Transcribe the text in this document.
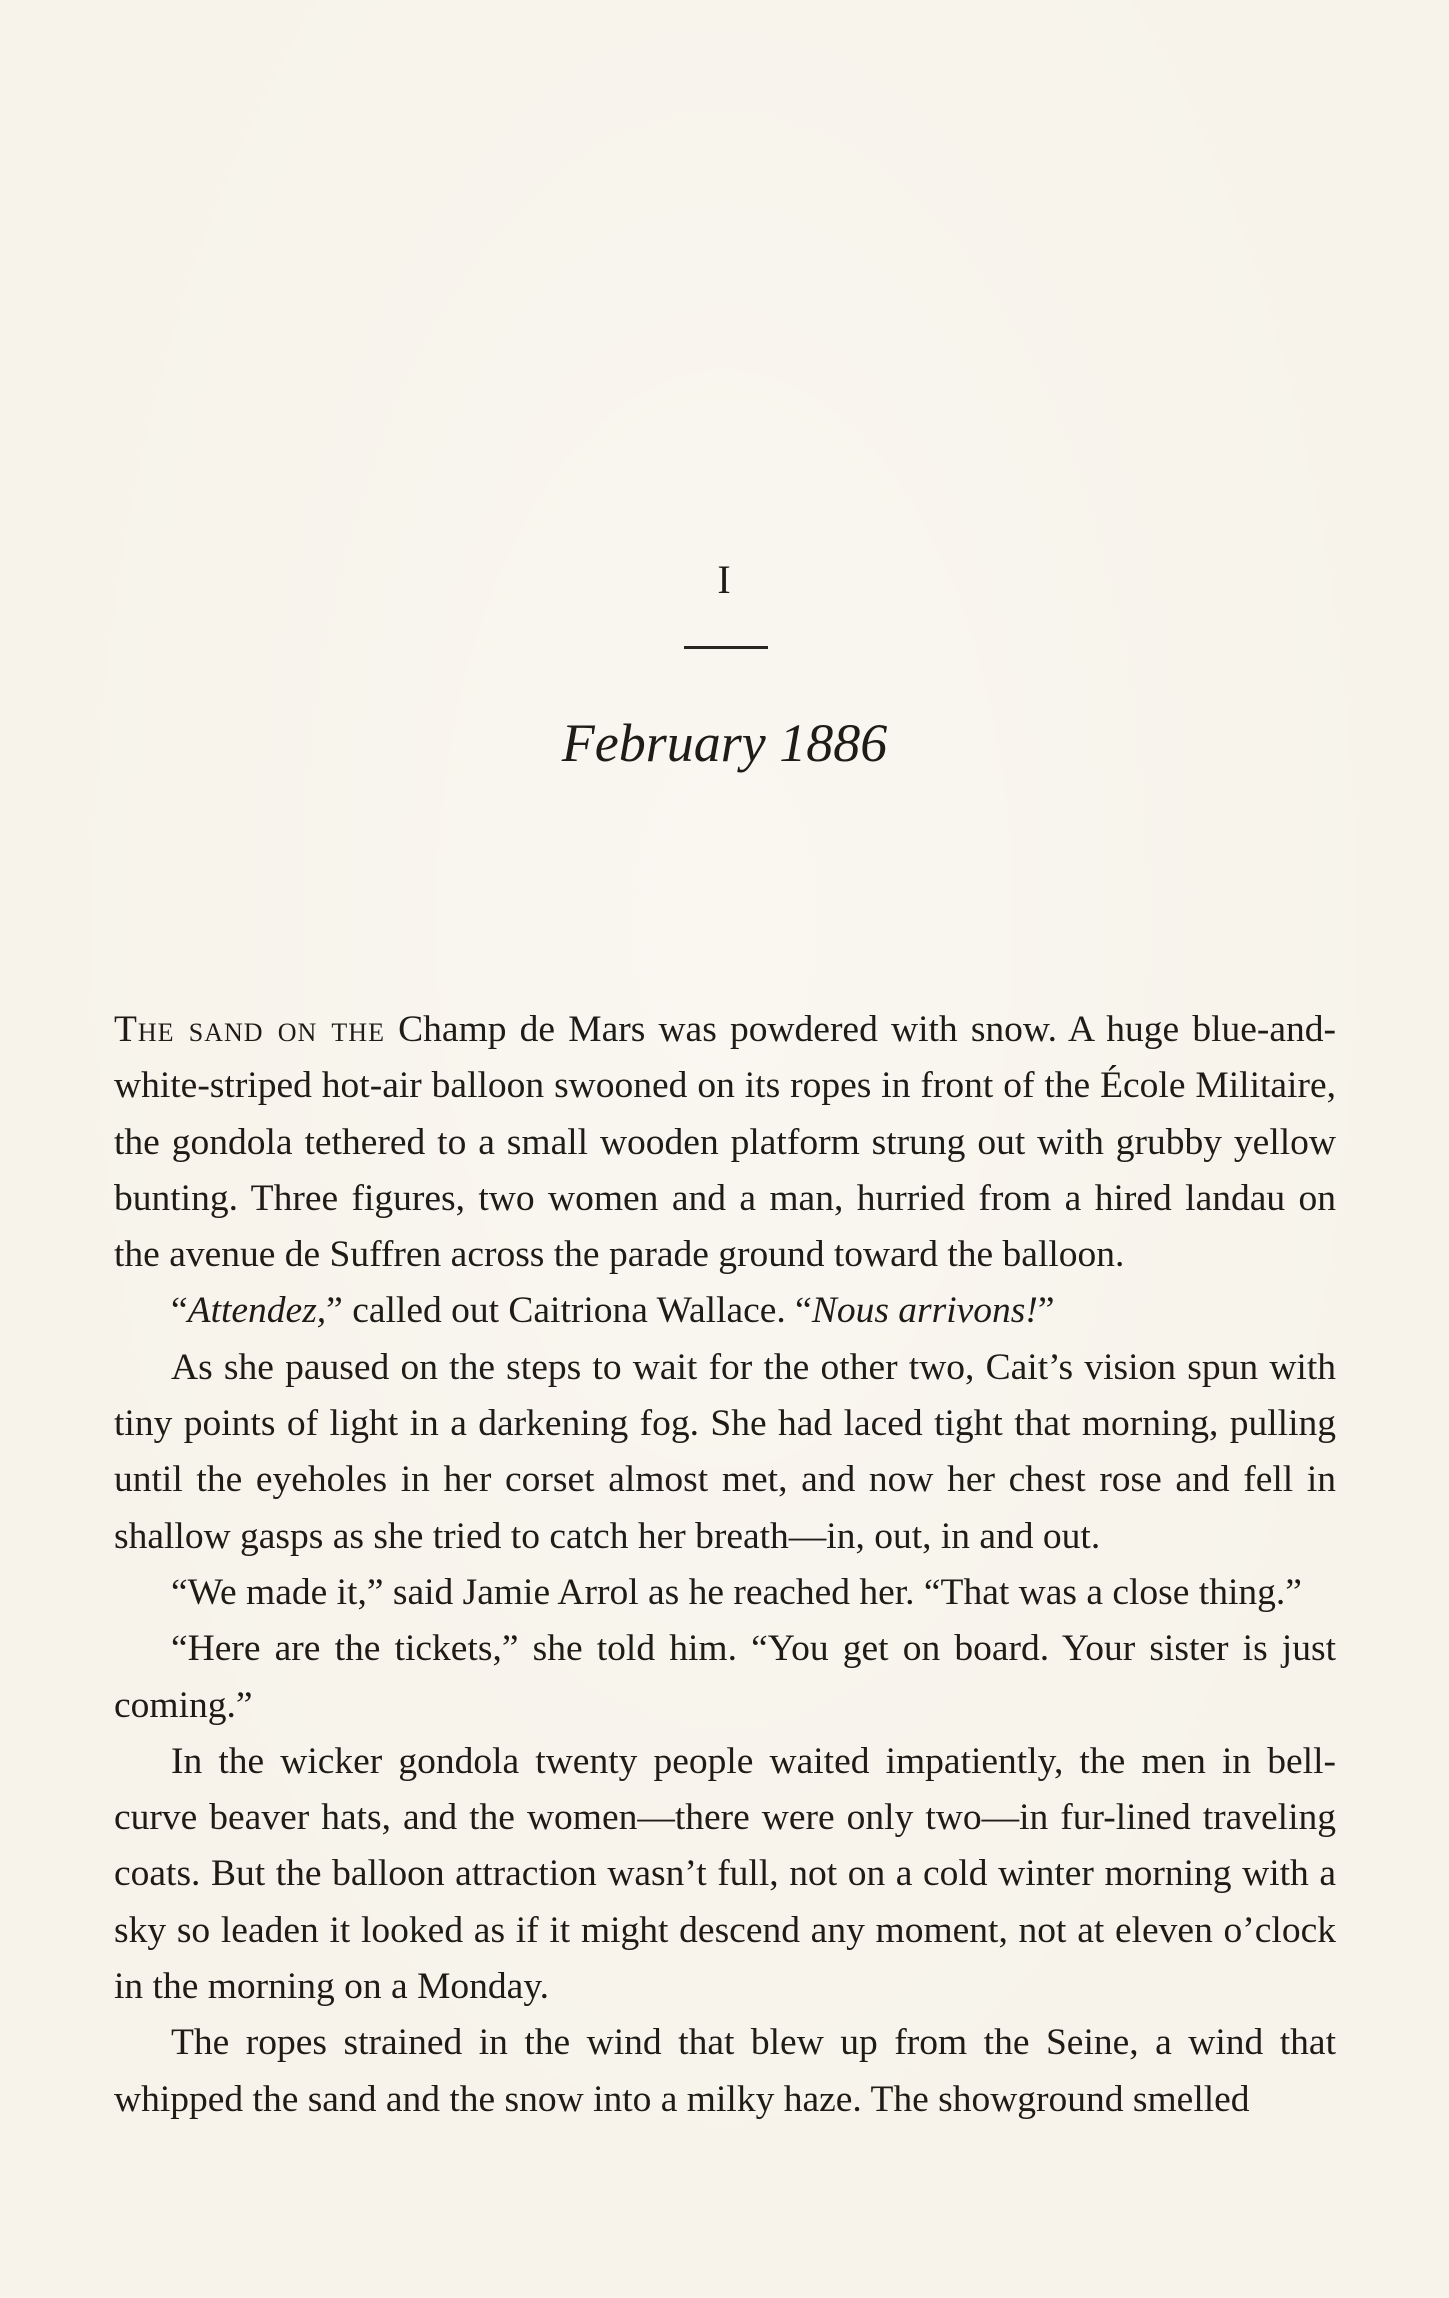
I
February 1886

The sand on the Champ de Mars was powdered with snow. A huge blue-and-white-striped hot-air balloon swooned on its ropes in front of the École Militaire, the gondola tethered to a small wooden platform strung out with grubby yellow bunting. Three figures, two women and a man, hurried from a hired landau on the avenue de Suffren across the parade ground toward the balloon.

“Attendez,” called out Caitriona Wallace. “Nous arrivons!”

As she paused on the steps to wait for the other two, Cait’s vision spun with tiny points of light in a darkening fog. She had laced tight that morning, pulling until the eyeholes in her corset almost met, and now her chest rose and fell in shallow gasps as she tried to catch her breath—in, out, in and out.

“We made it,” said Jamie Arrol as he reached her. “That was a close thing.”

“Here are the tickets,” she told him. “You get on board. Your sister is just coming.”

In the wicker gondola twenty people waited impatiently, the men in bell-curve beaver hats, and the women—there were only two—in fur-lined traveling coats. But the balloon attraction wasn’t full, not on a cold winter morning with a sky so leaden it looked as if it might descend any moment, not at eleven o’clock in the morning on a Monday.

The ropes strained in the wind that blew up from the Seine, a wind that whipped the sand and the snow into a milky haze. The showground smelled
